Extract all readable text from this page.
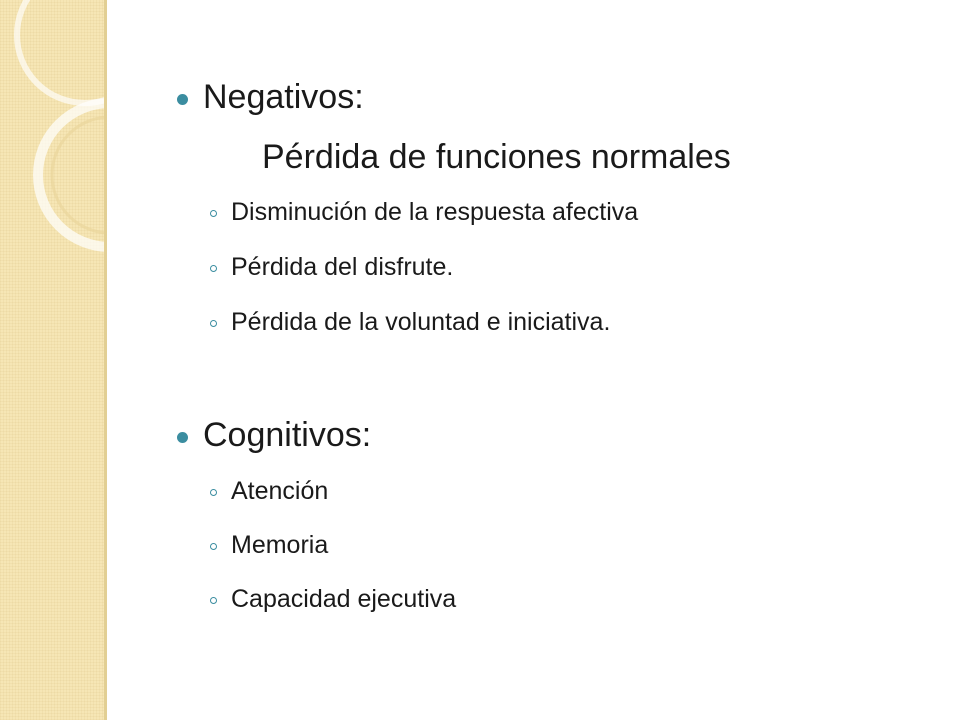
Negativos:
Pérdida de funciones normales
Disminución de la respuesta afectiva
Pérdida del disfrute.
Pérdida de la voluntad e iniciativa.
Cognitivos:
Atención
Memoria
Capacidad ejecutiva
